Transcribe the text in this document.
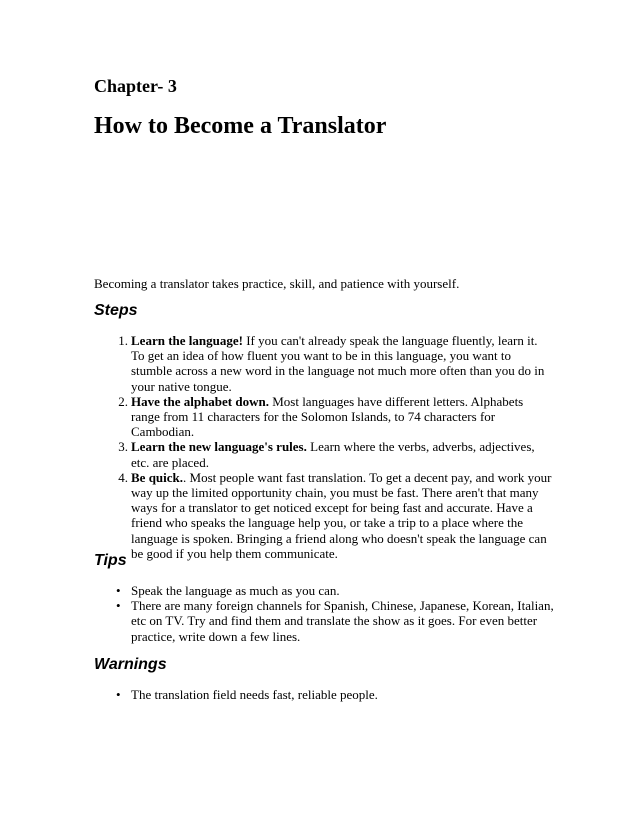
Chapter- 3
How to Become a Translator

Becoming a translator takes practice, skill, and patience with yourself.

Steps
1. Learn the language! If you can't already speak the language fluently, learn it. To get an idea of how fluent you want to be in this language, you want to stumble across a new word in the language not much more often than you do in your native tongue.
2. Have the alphabet down. Most languages have different letters. Alphabets range from 11 characters for the Solomon Islands, to 74 characters for Cambodian.
3. Learn the new language's rules. Learn where the verbs, adverbs, adjectives, etc. are placed.
4. Be quick.. Most people want fast translation. To get a decent pay, and work your way up the limited opportunity chain, you must be fast. There aren't that many ways for a translator to get noticed except for being fast and accurate. Have a friend who speaks the language help you, or take a trip to a place where the language is spoken. Bringing a friend along who doesn't speak the language can be good if you help them communicate.
Tips
• Speak the language as much as you can.
• There are many foreign channels for Spanish, Chinese, Japanese, Korean, Italian, etc on TV. Try and find them and translate the show as it goes. For even better practice, write down a few lines.
Warnings
• The translation field needs fast, reliable people.
